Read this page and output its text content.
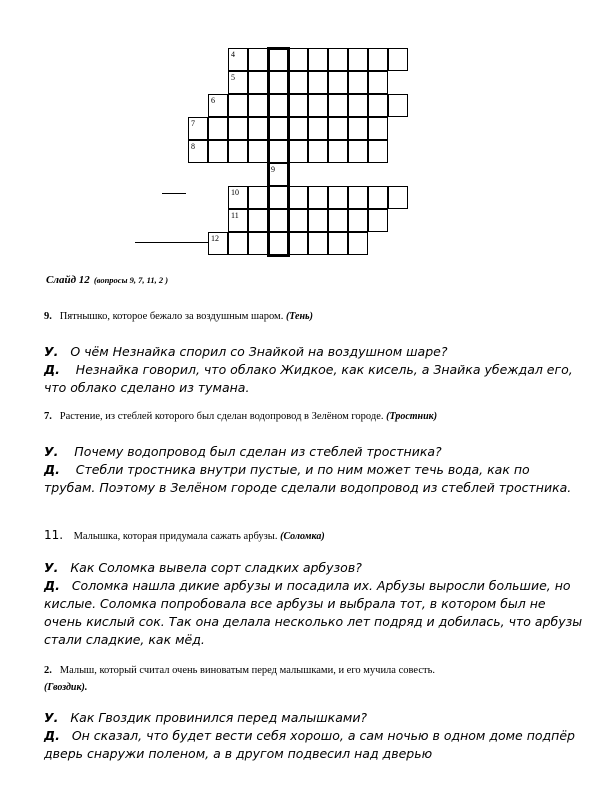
4
5
6
7
8
9
10
11
12
Слайд 12 (вопросы 9, 7, 11, 2 )
9. Пятнышко, которое бежало за воздушным шаром. (Тень)

У. О чём Незнайка спорил со Знайкой на воздушном шаре?

Д. Незнайка говорил, что облако Жидкое, как кисель, а Знайка убеждал его, что облако сделано из тумана.

7. Растение, из стеблей которого был сделан водопровод в Зелёном городе. (Тростник)

У. Почему водопровод был сделан из стеблей тростника?

Д. Стебли тростника внутри пустые, и по ним может течь вода, как по трубам. Поэтому в Зелёном городе сделали водопровод из стеблей тростника.

11. Малышка, которая придумала сажать арбузы. (Соломка)

У. Как Соломка вывела сорт сладких арбузов?

Д. Соломка нашла дикие арбузы и посадила их. Арбузы выросли большие, но кислые. Соломка попробовала все арбузы и выбрала тот, в котором был не очень кислый сок. Так она делала несколько лет подряд и добилась, что арбузы стали сладкие, как мёд.

2. Малыш, который считал очень виноватым перед малышками, и его мучила совесть.
(Гвоздик).

У. Как Гвоздик провинился перед малышками?

Д. Он сказал, что будет вести себя хорошо, а сам ночью в одном доме подпёр дверь снаружи поленом, а в другом подвесил над дверью
